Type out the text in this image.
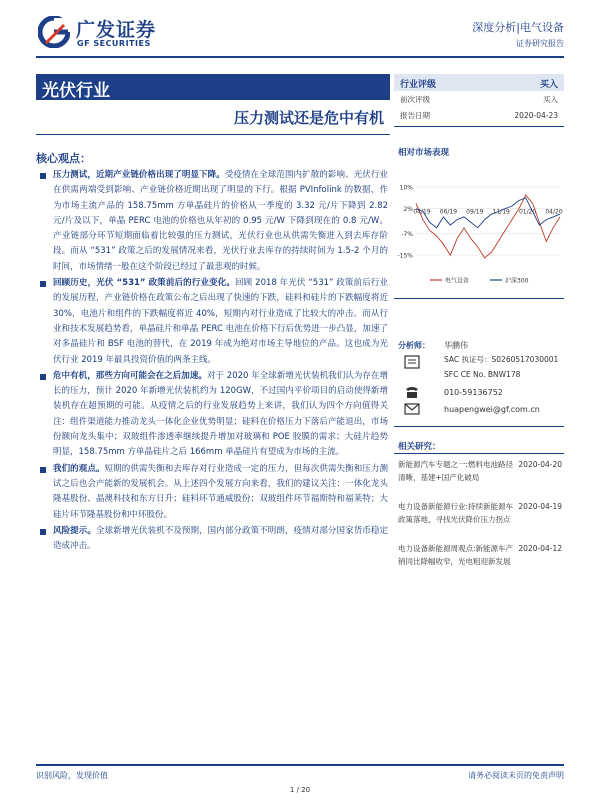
广发证券
GF SECURITIES
深度分析|电气设备
证券研究报告
光伏行业
压力测试还是危中有机
核心观点：
压力测试，近期产业链价格出现了明显下降。受疫情在全球范围内扩散的影响、光伏行业在供需两端受到影响、产业链价格近期出现了明显的下行。根据 PVInfolink 的数据，作为市场主流产品的 158.75mm 方单晶硅片的价格从一季度的 3.32 元/片下降到 2.82 元/片及以下，单晶 PERC 电池的价格也从年初的 0.95 元/W 下降到现在的 0.8 元/W。产业链部分环节短期面临着比较强的压力测试，光伏行业也从供需失衡进入到去库存阶段。而从 “531” 政策之后的发展情况来看，光伏行业去库存的持续时间为 1.5-2 个月的时间，市场情绪一般在这个阶段已经过了最悲观的时候。
回顾历史，光伏 “531” 政策前后的行业变化。回顾 2018 年光伏 “531” 政策前后行业的发展历程，产业链价格在政策公布之后出现了快速的下跌，硅料和硅片的下跌幅度将近 30%，电池片和组件的下跌幅度将近 40%，短期内对行业造成了比较大的冲击。而从行业和技术发展趋势看，单晶硅片和单晶 PERC 电池在价格下行后优势进一步凸显，加速了对多晶硅片和 BSF 电池的替代，在 2019 年成为绝对市场主导地位的产品。这也成为光伏行业 2019 年最具投资价值的两条主线。
危中有机，那些方向可能会在之后加速。对于 2020 年全球新增光伏装机我们认为存在增长的压力，预计 2020 年新增光伏装机约为 120GW，不过国内平价项目的启动使得新增装机存在超预期的可能。从疫情之后的行业发展趋势上来讲，我们认为四个方向值得关注：组件渠道能力推动龙头一体化企业优势明显；硅料在价格压力下落后产能退出，市场份额向龙头集中；双玻组件渗透率继续提升增加对玻璃和 POE 胶膜的需求；大硅片趋势明显，158.75mm 方单晶硅片之后 166mm 单晶硅片有望成为市场的主流。
我们的观点。短期的供需失衡和去库存对行业造成一定的压力，但每次供需失衡和压力测试之后也会产能新的发展机会。从上述四个发展方向来看，我们的建议关注：一体化龙头隆基股份、晶澳科技和东方日升；硅料环节通威股份；双玻组件环节福斯特和福莱特；大硅片环节隆基股份和中环股份。
风险提示。全球新增光伏装机不及预期，国内部分政策不明朗，疫情对部分国家货币稳定造成冲击。
行业评级	买入
前次评级	买入
报告日期	2020-04-23
相对市场表现
10%
2%
-7%
-15%
04/19 06/19 09/19 11/19 01/20 04/20
电气设备	沪深300
分析师： 华鹏伟
SAC 执证号：S0260517030001
SFC CE No. BNW178
010-59136752
huapengwei@gf.com.cn
相关研究：
新能源汽车专题之一:燃料电池路径清晰，基建+国产化破局
2020-04-20
电力设备新能源行业:持续新能源车政策落地，寻找光伏降价压力拐点
2020-04-19
电力设备新能源周观点:新能源车产销同比降幅收窄，光电粗迎新发展
2020-04-12
识别风险，发现价值	请务必阅读末页的免责声明
1 / 20
